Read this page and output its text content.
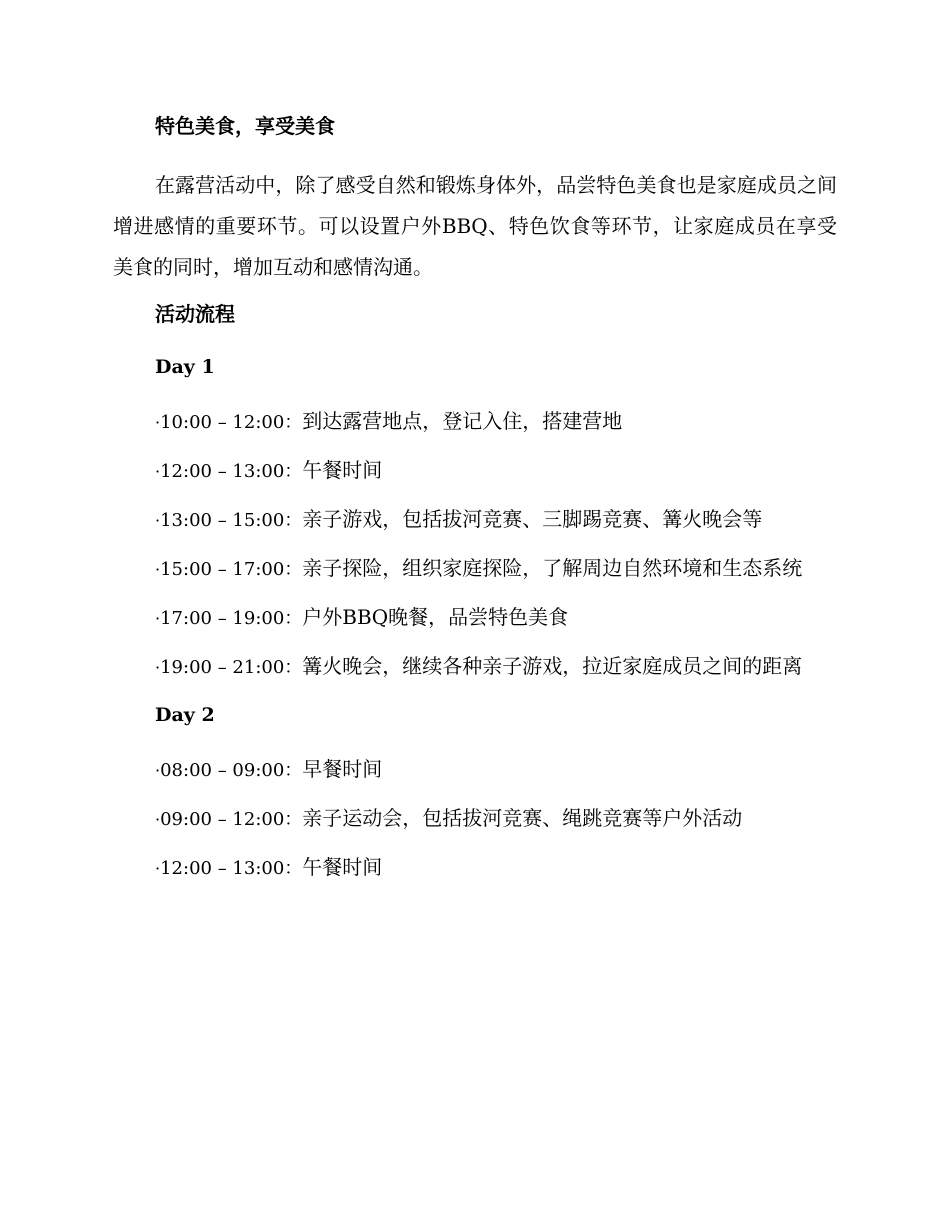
特色美食，享受美食
在露营活动中，除了感受自然和锻炼身体外，品尝特色美食也是家庭成员之间增进感情的重要环节。可以设置户外BBQ、特色饮食等环节，让家庭成员在享受美食的同时，增加互动和感情沟通。
活动流程
Day 1
·10:00 – 12:00：到达露营地点，登记入住，搭建营地
·12:00 – 13:00：午餐时间
·13:00 – 15:00：亲子游戏，包括拔河竞赛、三脚踢竞赛、篝火晚会等
·15:00 – 17:00：亲子探险，组织家庭探险，了解周边自然环境和生态系统
·17:00 – 19:00：户外BBQ晚餐，品尝特色美食
·19:00 – 21:00：篝火晚会，继续各种亲子游戏，拉近家庭成员之间的距离
Day 2
·08:00 – 09:00：早餐时间
·09:00 – 12:00：亲子运动会，包括拔河竞赛、绳跳竞赛等户外活动
·12:00 – 13:00：午餐时间
